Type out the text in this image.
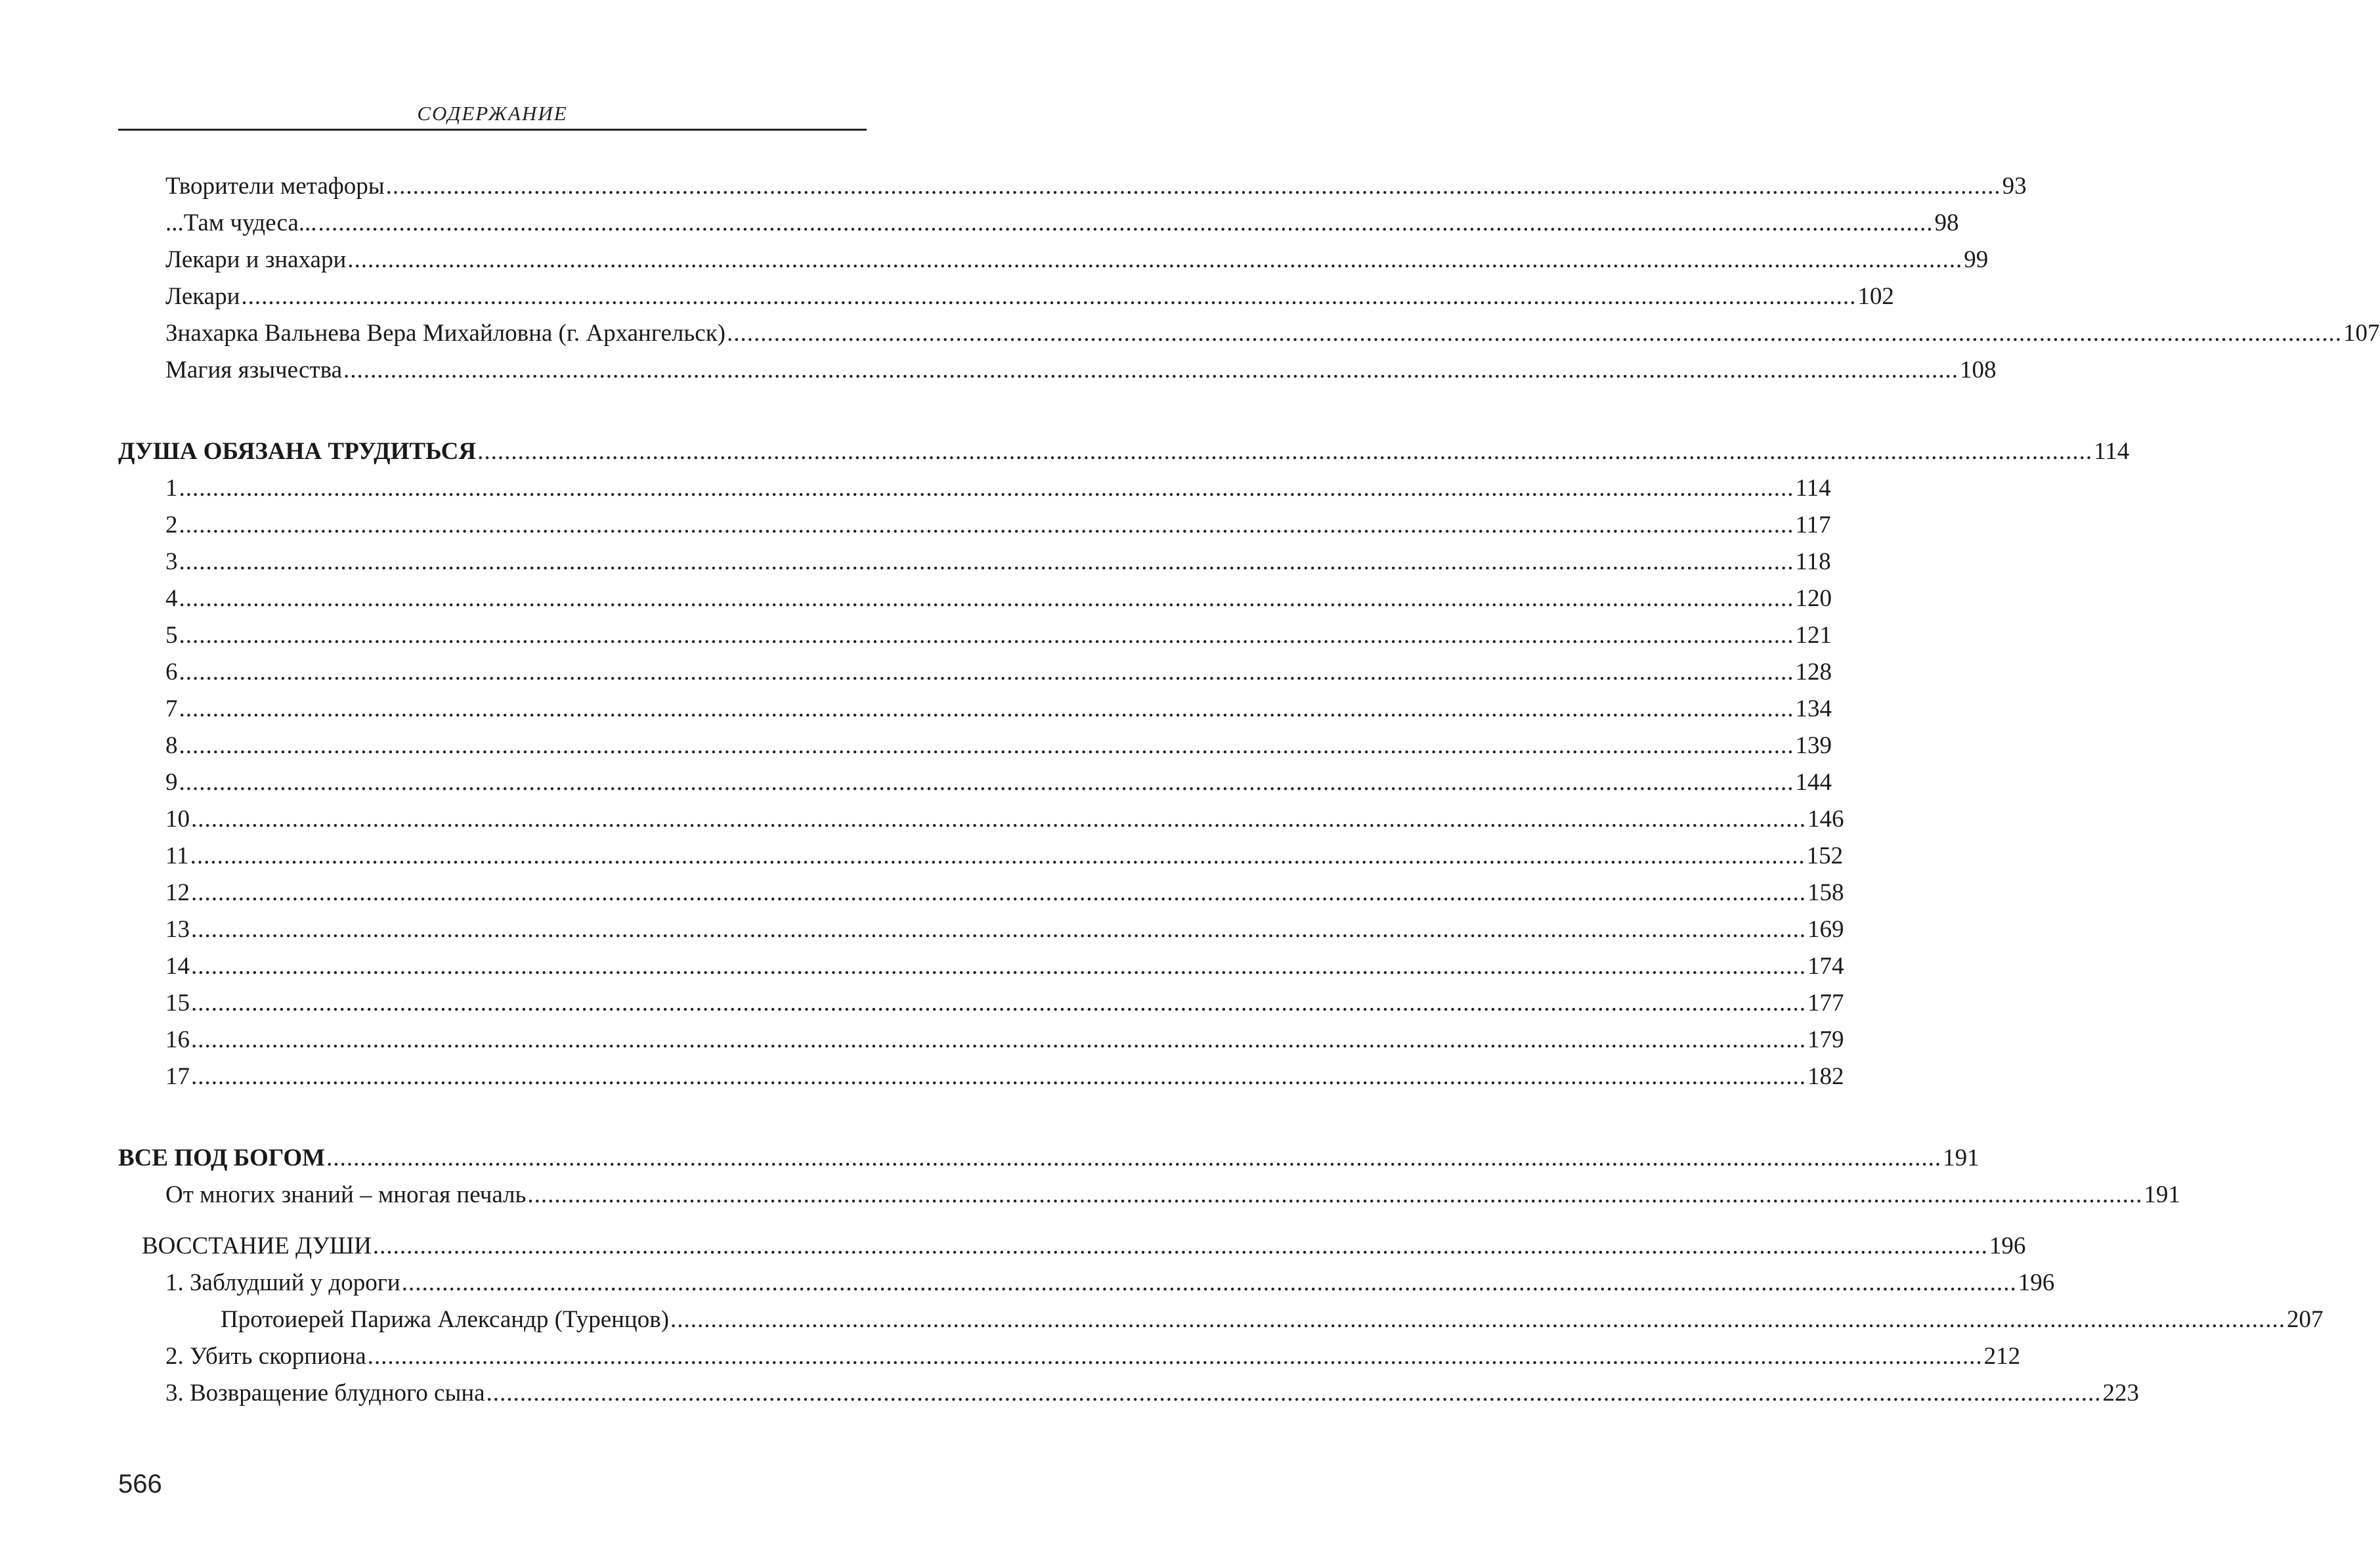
СОДЕРЖАНИЕ
Творители метафоры ................................................................................................................................................................................................................................................ 93
...Там чудеса... ................................................................................................................................................................................................................................................ 98
Лекари и знахари ................................................................................................................................................................................................................................................ 99
Лекари ................................................................................................................................................................................................................................................ 102
Знахарка Вальнева Вера Михайловна (г. Архангельск) ................................................................................................................................................................................................................................................ 107
Магия язычества ................................................................................................................................................................................................................................................ 108
ДУША ОБЯЗАНА ТРУДИТЬСЯ ................................................................................................................................................................................................................................................ 114
1 ................................................................................................................................................................................................................................................ 114
2 ................................................................................................................................................................................................................................................ 117
3 ................................................................................................................................................................................................................................................ 118
4 ................................................................................................................................................................................................................................................ 120
5 ................................................................................................................................................................................................................................................ 121
6 ................................................................................................................................................................................................................................................ 128
7 ................................................................................................................................................................................................................................................ 134
8 ................................................................................................................................................................................................................................................ 139
9 ................................................................................................................................................................................................................................................ 144
10 ................................................................................................................................................................................................................................................ 146
11 ................................................................................................................................................................................................................................................ 152
12 ................................................................................................................................................................................................................................................ 158
13 ................................................................................................................................................................................................................................................ 169
14 ................................................................................................................................................................................................................................................ 174
15 ................................................................................................................................................................................................................................................ 177
16 ................................................................................................................................................................................................................................................ 179
17 ................................................................................................................................................................................................................................................ 182
ВСЕ ПОД БОГОМ ................................................................................................................................................................................................................................................ 191
От многих знаний – многая печаль ................................................................................................................................................................................................................................................ 191
ВОССТАНИЕ ДУШИ ................................................................................................................................................................................................................................................ 196
1. Заблудший у дороги ................................................................................................................................................................................................................................................ 196
Протоиерей Парижа Александр (Туренцов) ................................................................................................................................................................................................................................................ 207
2. Убить скорпиона ................................................................................................................................................................................................................................................ 212
3. Возвращение блудного сына ................................................................................................................................................................................................................................................ 223
566
